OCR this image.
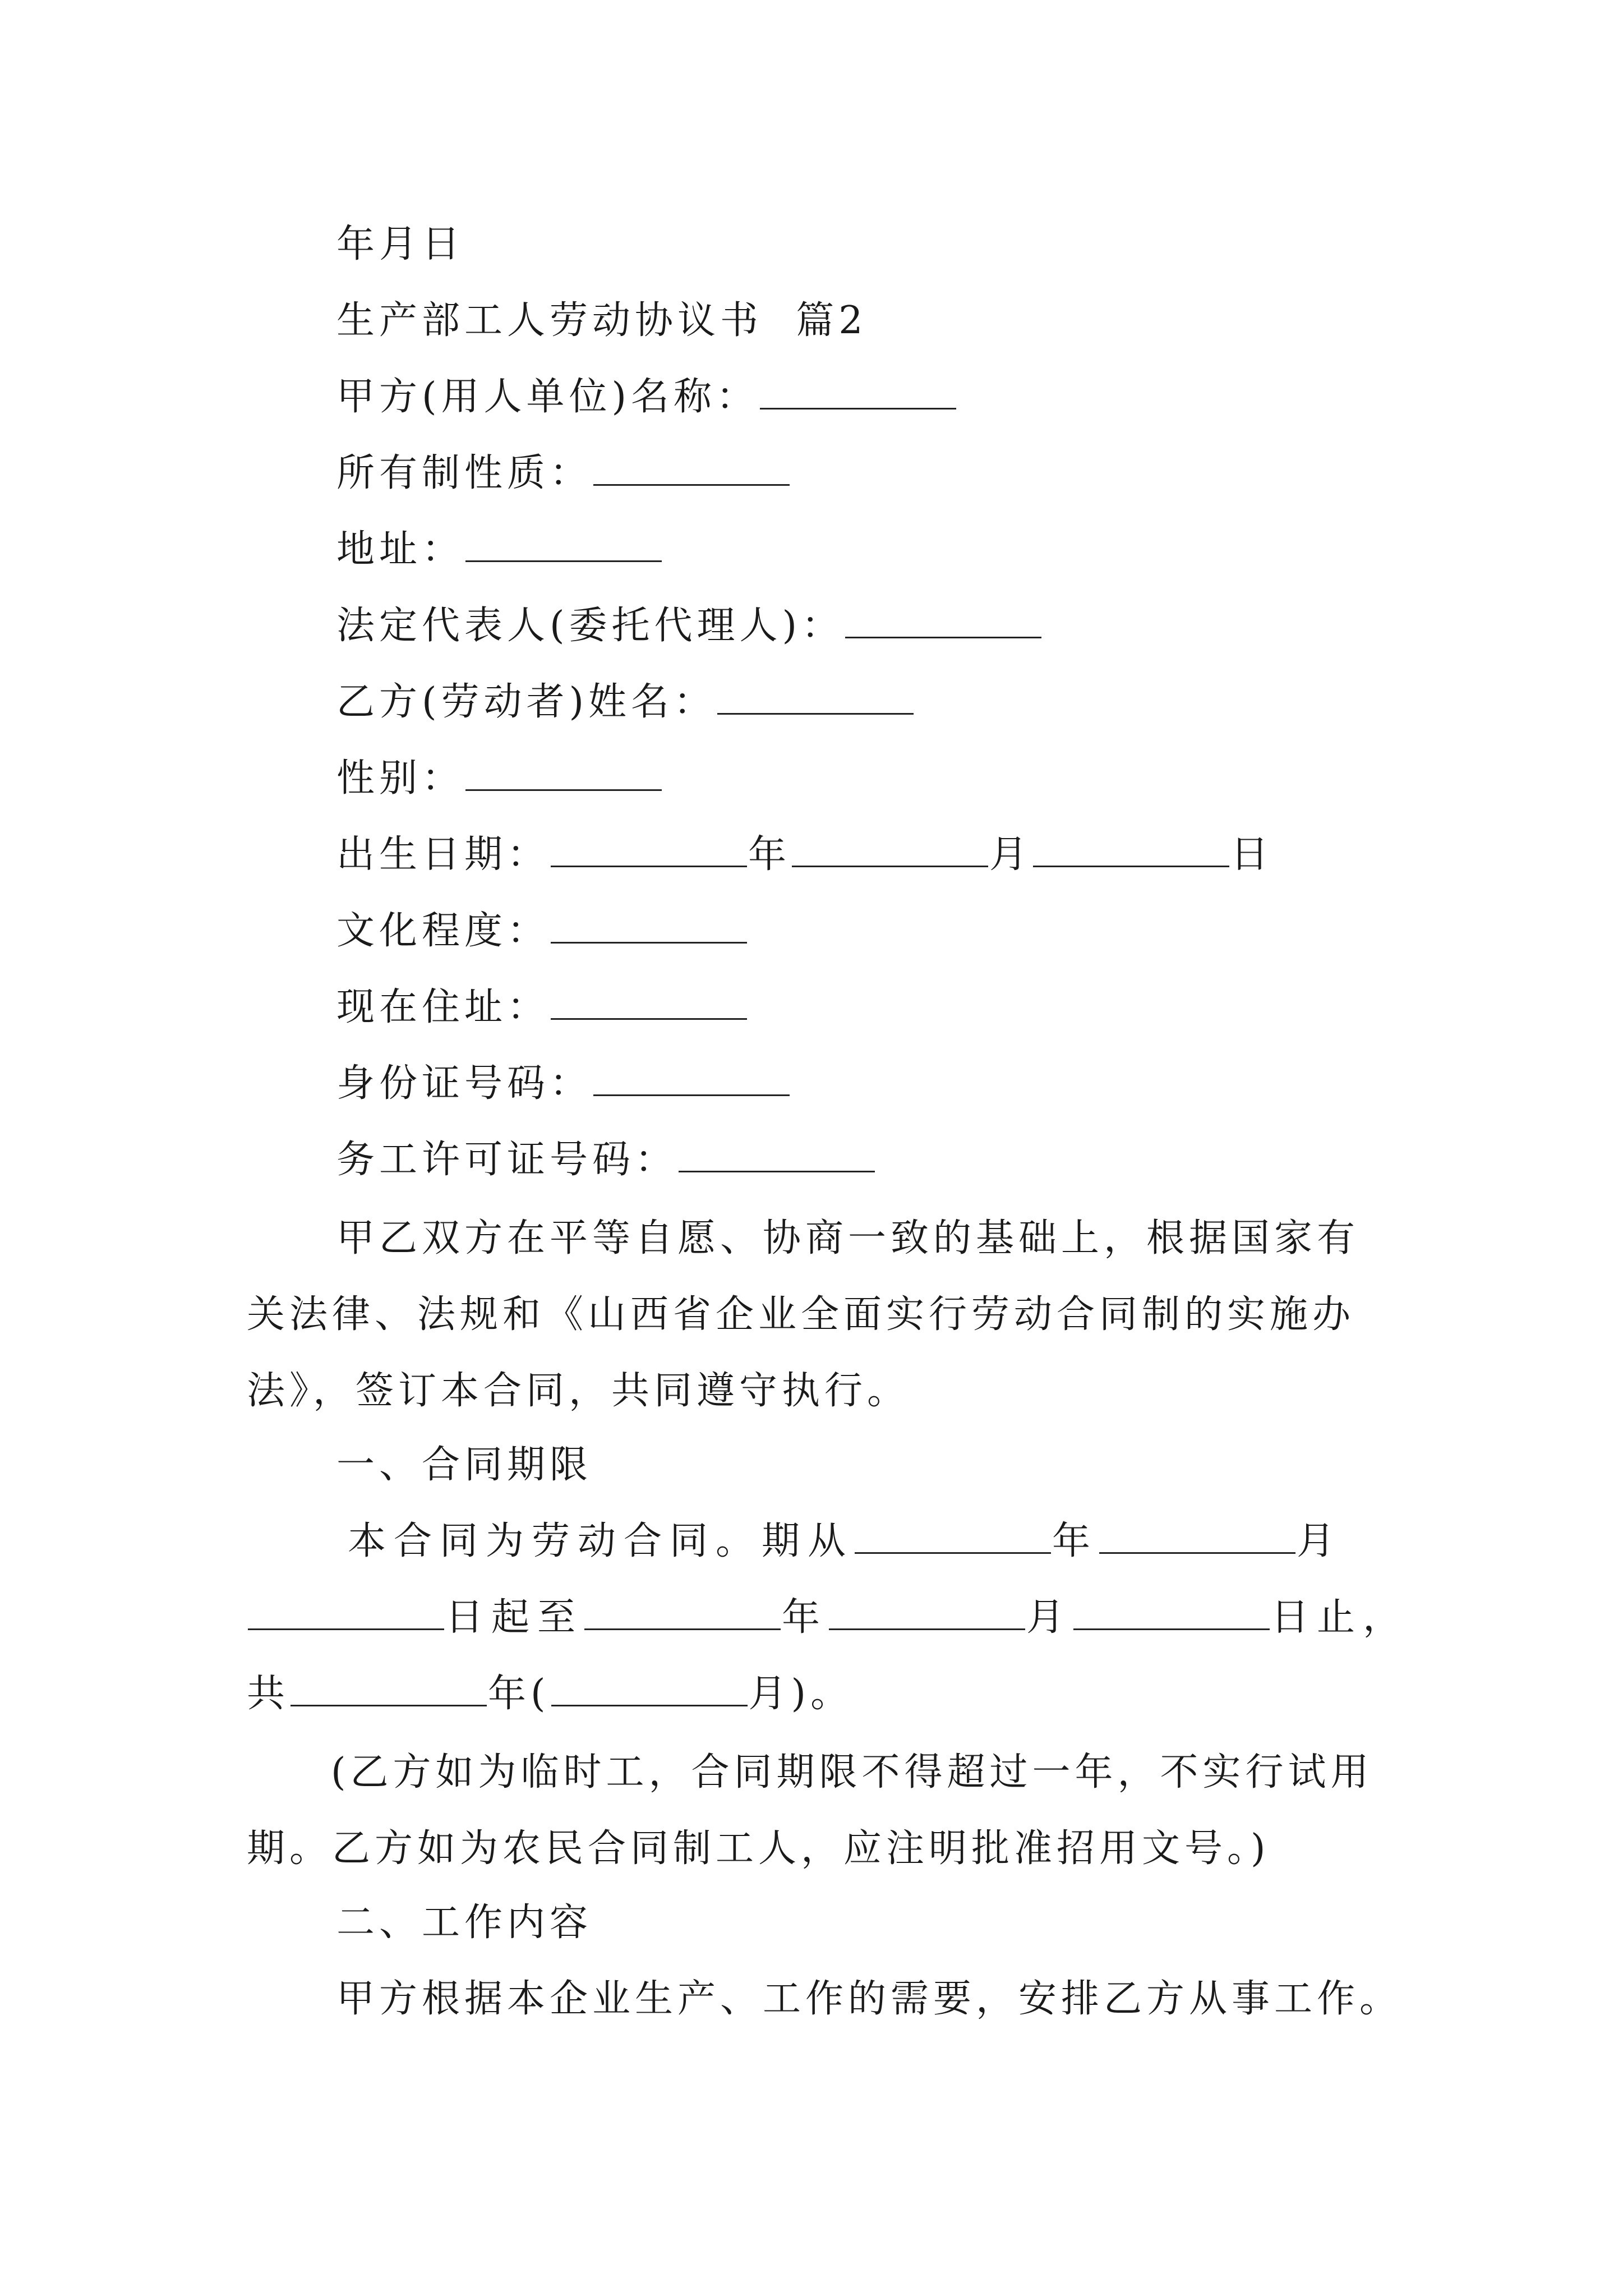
年月日
生产部工人劳动协议书 篇2
甲方(用人单位)名称：
所有制性质：
地址：
法定代表人(委托代理人)：
乙方(劳动者)姓名：
性别：
出生日期：	年	月	日
文化程度：
现在住址：
身份证号码：
务工许可证号码：

甲乙双方在平等自愿、协商一致的基础上，根据国家有关法律、法规和《山西省企业全面实行劳动合同制的实施办法》，签订本合同，共同遵守执行。

一、合同期限
本合同为劳动合同。期从	年	月
日起至	年	月	日止，
共	年(	月)。

(乙方如为临时工，合同期限不得超过一年，不实行试用期。乙方如为农民合同制工人，应注明批准招用文号。)

二、工作内容
甲方根据本企业生产、工作的需要，安排乙方从事工作。
